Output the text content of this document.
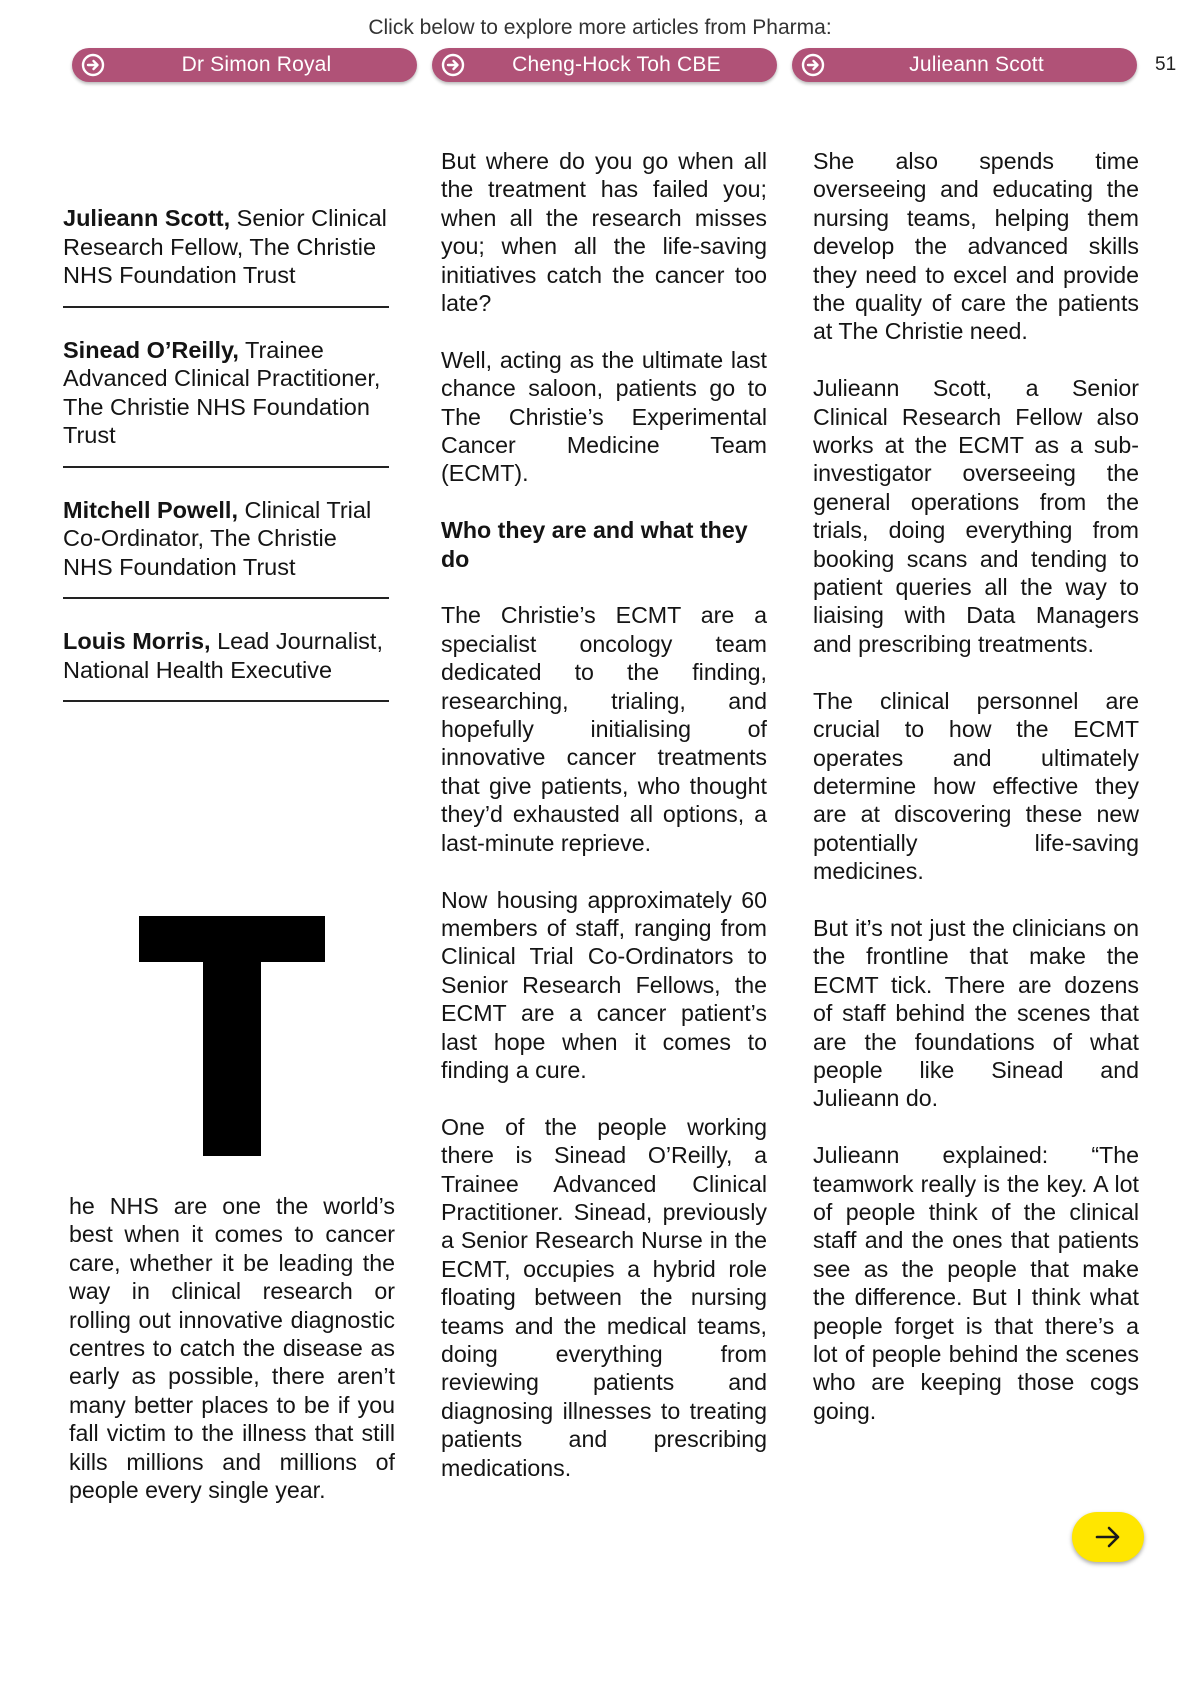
Click below to explore more articles from Pharma:
Dr Simon Royal	Cheng-Hock Toh CBE	Julieann Scott	51
Julieann Scott, Senior Clinical Research Fellow, The Christie NHS Foundation Trust
Sinead O’Reilly, Trainee Advanced Clinical Practitioner, The Christie NHS Foundation Trust
Mitchell Powell, Clinical Trial Co-Ordinator, The Christie NHS Foundation Trust
Louis Morris, Lead Journalist, National Health Executive

he NHS are one the world’s best when it comes to cancer care, whether it be leading the way in clinical research or rolling out innovative diagnostic centres to catch the disease as early as possible, there aren’t many better places to be if you fall victim to the illness that still kills millions and millions of people every single year.

But where do you go when all the treatment has failed you; when all the research misses you; when all the life-saving initiatives catch the cancer too late?

Well, acting as the ultimate last chance saloon, patients go to The Christie’s Experimental Cancer Medicine Team (ECMT).

Who they are and what they do

The Christie’s ECMT are a specialist oncology team dedicated to the finding, researching, trialing, and hopefully initialising of innovative cancer treatments that give patients, who thought they’d exhausted all options, a last-minute reprieve.

Now housing approximately 60 members of staff, ranging from Clinical Trial Co-Ordinators to Senior Research Fellows, the ECMT are a cancer patient’s last hope when it comes to finding a cure.

One of the people working there is Sinead O’Reilly, a Trainee Advanced Clinical Practitioner. Sinead, previously a Senior Research Nurse in the ECMT, occupies a hybrid role floating between the nursing teams and the medical teams, doing everything from reviewing patients and diagnosing illnesses to treating patients and prescribing medications.

She also spends time overseeing and educating the nursing teams, helping them develop the advanced skills they need to excel and provide the quality of care the patients at The Christie need.

Julieann Scott, a Senior Clinical Research Fellow also works at the ECMT as a sub-investigator overseeing the general operations from the trials, doing everything from booking scans and tending to patient queries all the way to liaising with Data Managers and prescribing treatments.

The clinical personnel are crucial to how the ECMT operates and ultimately determine how effective they are at discovering these new potentially life-saving medicines.

But it’s not just the clinicians on the frontline that make the ECMT tick. There are dozens of staff behind the scenes that are the foundations of what people like Sinead and Julieann do.

Julieann explained: “The teamwork really is the key. A lot of people think of the clinical staff and the ones that patients see as the people that make the difference. But I think what people forget is that there’s a lot of people behind the scenes who are keeping those cogs going.
